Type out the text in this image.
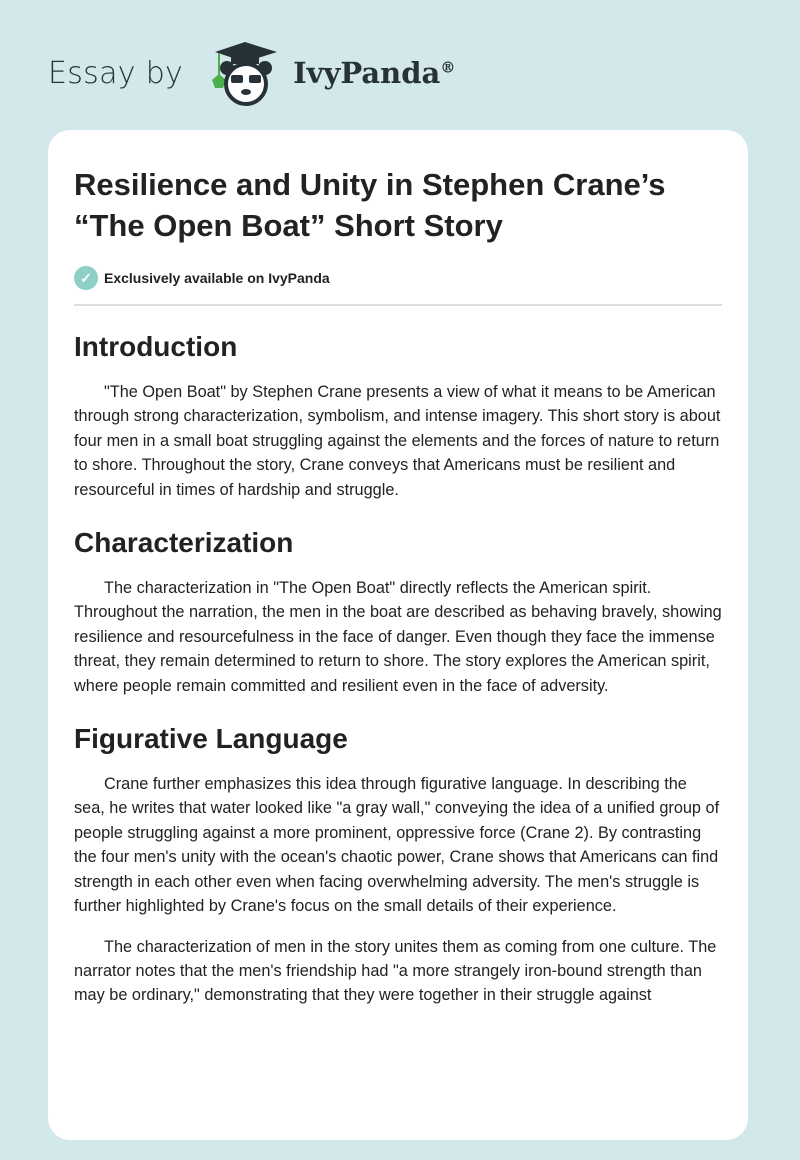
Essay by	IvyPanda®
Resilience and Unity in Stephen Crane’s “The Open Boat” Short Story
✓ Exclusively available on IvyPanda
Introduction

"The Open Boat" by Stephen Crane presents a view of what it means to be American through strong characterization, symbolism, and intense imagery. This short story is about four men in a small boat struggling against the elements and the forces of nature to return to shore. Throughout the story, Crane conveys that Americans must be resilient and resourceful in times of hardship and struggle.

Characterization

The characterization in "The Open Boat" directly reflects the American spirit. Throughout the narration, the men in the boat are described as behaving bravely, showing resilience and resourcefulness in the face of danger. Even though they face the immense threat, they remain determined to return to shore. The story explores the American spirit, where people remain committed and resilient even in the face of adversity.

Figurative Language

Crane further emphasizes this idea through figurative language. In describing the sea, he writes that water looked like "a gray wall," conveying the idea of a unified group of people struggling against a more prominent, oppressive force (Crane 2). By contrasting the four men's unity with the ocean's chaotic power, Crane shows that Americans can find strength in each other even when facing overwhelming adversity. The men's struggle is further highlighted by Crane's focus on the small details of their experience.

The characterization of men in the story unites them as coming from one culture. The narrator notes that the men's friendship had "a more strangely iron-bound strength than may be ordinary," demonstrating that they were together in their struggle against
